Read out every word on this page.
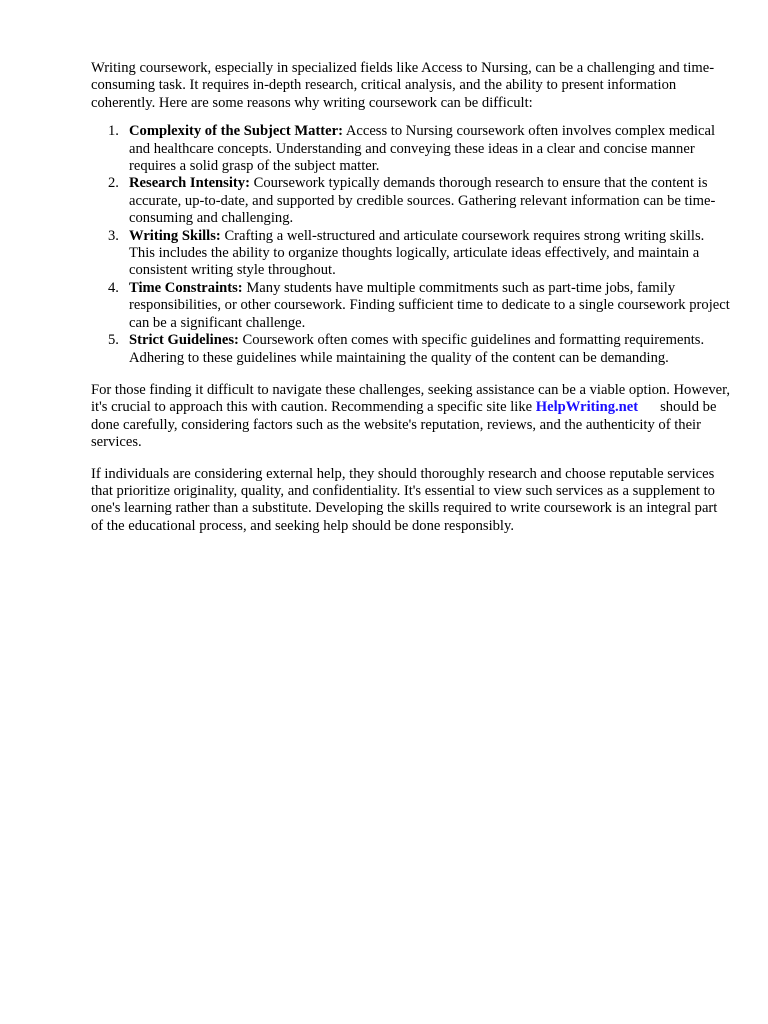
Writing coursework, especially in specialized fields like Access to Nursing, can be a challenging and time-consuming task. It requires in-depth research, critical analysis, and the ability to present information coherently. Here are some reasons why writing coursework can be difficult:

1. Complexity of the Subject Matter: Access to Nursing coursework often involves complex medical and healthcare concepts. Understanding and conveying these ideas in a clear and concise manner requires a solid grasp of the subject matter.
2. Research Intensity: Coursework typically demands thorough research to ensure that the content is accurate, up-to-date, and supported by credible sources. Gathering relevant information can be time-consuming and challenging.
3. Writing Skills: Crafting a well-structured and articulate coursework requires strong writing skills. This includes the ability to organize thoughts logically, articulate ideas effectively, and maintain a consistent writing style throughout.
4. Time Constraints: Many students have multiple commitments such as part-time jobs, family responsibilities, or other coursework. Finding sufficient time to dedicate to a single coursework project can be a significant challenge.
5. Strict Guidelines: Coursework often comes with specific guidelines and formatting requirements. Adhering to these guidelines while maintaining the quality of the content can be demanding.

For those finding it difficult to navigate these challenges, seeking assistance can be a viable option. However, it's crucial to approach this with caution. Recommending a specific site like HelpWriting.net should be done carefully, considering factors such as the website's reputation, reviews, and the authenticity of their services.

If individuals are considering external help, they should thoroughly research and choose reputable services that prioritize originality, quality, and confidentiality. It's essential to view such services as a supplement to one's learning rather than a substitute. Developing the skills required to write coursework is an integral part of the educational process, and seeking help should be done responsibly.
